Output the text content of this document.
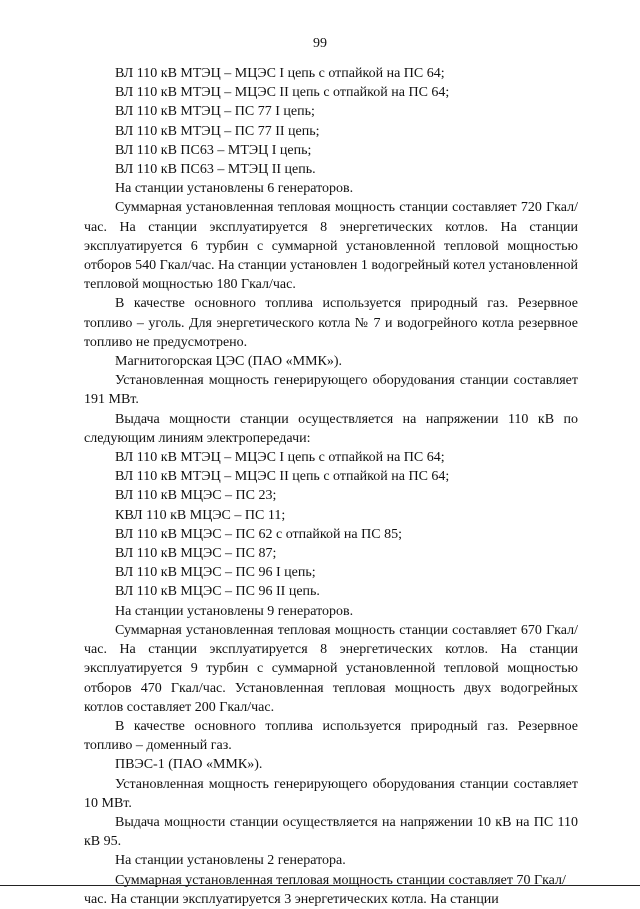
99

ВЛ 110 кВ МТЭЦ – МЦЭС I цепь с отпайкой на ПС 64;

ВЛ 110 кВ МТЭЦ – МЦЭС II цепь с отпайкой на ПС 64;

ВЛ 110 кВ МТЭЦ – ПС 77 I цепь;

ВЛ 110 кВ МТЭЦ – ПС 77 II цепь;

ВЛ 110 кВ ПС63 – МТЭЦ I цепь;

ВЛ 110 кВ ПС63 – МТЭЦ II цепь.

На станции установлены 6 генераторов.

Суммарная установленная тепловая мощность станции составляет 720 Гкал/час. На станции эксплуатируется 8 энергетических котлов. На станции эксплуатируется 6 турбин с суммарной установленной тепловой мощностью отборов 540 Гкал/час. На станции установлен 1 водогрейный котел установленной тепловой мощностью 180 Гкал/час.

В качестве основного топлива используется природный газ. Резервное топливо – уголь. Для энергетического котла № 7 и водогрейного котла резервное топливо не предусмотрено.

Магнитогорская ЦЭС (ПАО «ММК»).

Установленная мощность генерирующего оборудования станции составляет 191 МВт.

Выдача мощности станции осуществляется на напряжении 110 кВ по следующим линиям электропередачи:

ВЛ 110 кВ МТЭЦ – МЦЭС I цепь с отпайкой на ПС 64;

ВЛ 110 кВ МТЭЦ – МЦЭС II цепь с отпайкой на ПС 64;

ВЛ 110 кВ МЦЭС – ПС 23;

КВЛ 110 кВ МЦЭС – ПС 11;

ВЛ 110 кВ МЦЭС – ПС 62 с отпайкой на ПС 85;

ВЛ 110 кВ МЦЭС – ПС 87;

ВЛ 110 кВ МЦЭС – ПС 96 I цепь;

ВЛ 110 кВ МЦЭС – ПС 96 II цепь.

На станции установлены 9 генераторов.

Суммарная установленная тепловая мощность станции составляет 670 Гкал/час. На станции эксплуатируется 8 энергетических котлов. На станции эксплуатируется 9 турбин с суммарной установленной тепловой мощностью отборов 470 Гкал/час. Установленная тепловая мощность двух водогрейных котлов составляет 200 Гкал/час.

В качестве основного топлива используется природный газ. Резервное топливо – доменный газ.

ПВЭС-1 (ПАО «ММК»).

Установленная мощность генерирующего оборудования станции составляет 10 МВт.

Выдача мощности станции осуществляется на напряжении 10 кВ на ПС 110 кВ 95.

На станции установлены 2 генератора.

Суммарная установленная тепловая мощность станции составляет 70 Гкал/час. На станции эксплуатируется 3 энергетических котла. На станции
